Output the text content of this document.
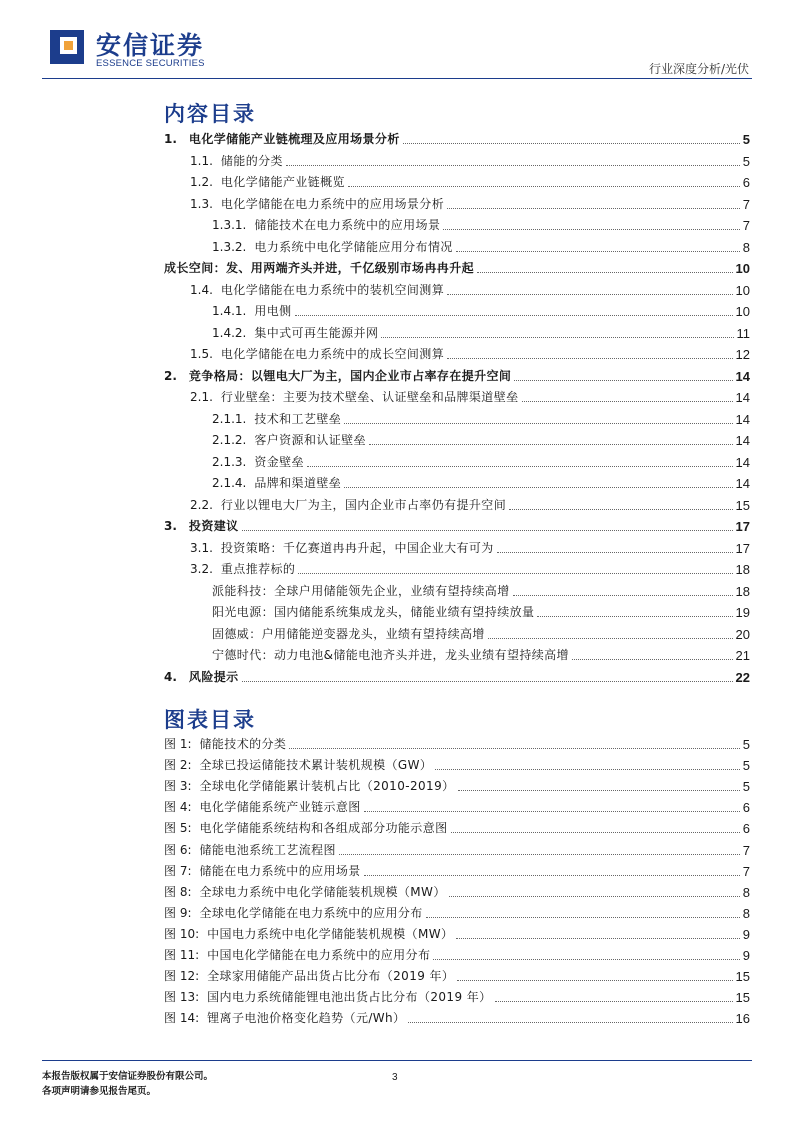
安信证券
ESSENCE SECURITIES	行业深度分析/光伏
内容目录
1. 电化学储能产业链梳理及应用场景分析	5
1.1. 储能的分类	5
1.2. 电化学储能产业链概览	6
1.3. 电化学储能在电力系统中的应用场景分析	7
1.3.1. 储能技术在电力系统中的应用场景	7
1.3.2. 电力系统中电化学储能应用分布情况	8
成长空间：发、用两端齐头并进，千亿级别市场冉冉升起	10
1.4. 电化学储能在电力系统中的装机空间测算	10
1.4.1. 用电侧	10
1.4.2. 集中式可再生能源并网	11
1.5. 电化学储能在电力系统中的成长空间测算	12
2. 竞争格局：以锂电大厂为主，国内企业市占率存在提升空间	14
2.1. 行业壁垒：主要为技术壁垒、认证壁垒和品牌渠道壁垒	14
2.1.1. 技术和工艺壁垒	14
2.1.2. 客户资源和认证壁垒	14
2.1.3. 资金壁垒	14
2.1.4. 品牌和渠道壁垒	14
2.2. 行业以锂电大厂为主，国内企业市占率仍有提升空间	15
3. 投资建议	17
3.1. 投资策略：千亿赛道冉冉升起，中国企业大有可为	17
3.2. 重点推荐标的	18
派能科技：全球户用储能领先企业，业绩有望持续高增	18
阳光电源：国内储能系统集成龙头，储能业绩有望持续放量	19
固德威：户用储能逆变器龙头，业绩有望持续高增	20
宁德时代：动力电池&储能电池齐头并进，龙头业绩有望持续高增	21
4. 风险提示	22
图表目录
图 1: 储能技术的分类	5
图 2: 全球已投运储能技术累计装机规模（GW）	5
图 3: 全球电化学储能累计装机占比（2010-2019）	5
图 4: 电化学储能系统产业链示意图	6
图 5: 电化学储能系统结构和各组成部分功能示意图	6
图 6: 储能电池系统工艺流程图	7
图 7: 储能在电力系统中的应用场景	7
图 8: 全球电力系统中电化学储能装机规模（MW）	8
图 9: 全球电化学储能在电力系统中的应用分布	8
图 10: 中国电力系统中电化学储能装机规模（MW）	9
图 11: 中国电化学储能在电力系统中的应用分布	9
图 12: 全球家用储能产品出货占比分布（2019 年）	15
图 13: 国内电力系统储能锂电池出货占比分布（2019 年）	15
图 14: 锂离子电池价格变化趋势（元/Wh）	16
本报告版权属于安信证券股份有限公司。
各项声明请参见报告尾页。
3
